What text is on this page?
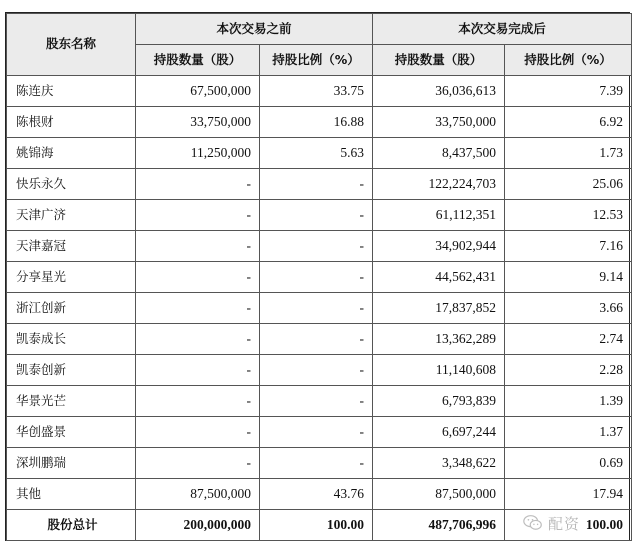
股东名称	本次交易之前		本次交易完成后	
	持股数量（股）	持股比例（%）	持股数量（股）	持股比例（%）
陈连庆	67,500,000	33.75	36,036,613	7.39
陈根财	33,750,000	16.88	33,750,000	6.92
姚锦海	11,250,000	5.63	8,437,500	1.73
快乐永久	-	-	122,224,703	25.06
天津广济	-	-	61,112,351	12.53
天津嘉冠	-	-	34,902,944	7.16
分享星光	-	-	44,562,431	9.14
浙江创新	-	-	17,837,852	3.66
凯泰成长	-	-	13,362,289	2.74
凯泰创新	-	-	11,140,608	2.28
华景光芒	-	-	6,793,839	1.39
华创盛景	-	-	6,697,244	1.37
深圳鹏瑞	-	-	3,348,622	0.69
其他	87,500,000	43.76	87,500,000	17.94
股份总计	200,000,000	100.00	487,706,996	100.00
配资
